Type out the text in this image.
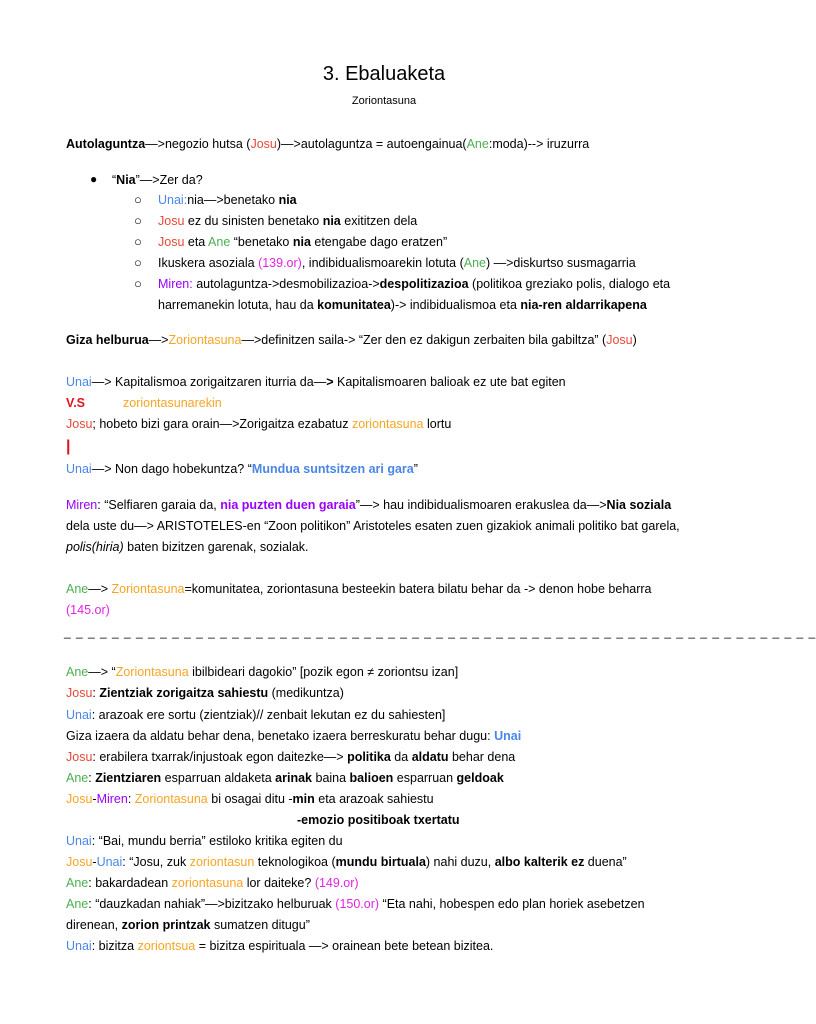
3. Ebaluaketa
Zoriontasuna
Autolaguntza—>negozio hutsa (Josu)—>autolaguntza = autoengainua(Ane:moda)--> iruzurra
● “Nia”—>Zer da?
○ Unai:nia—>benetako nia
○ Josu ez du sinisten benetako nia exititzen dela
○ Josu eta Ane “benetako nia etengabe dago eratzen”
○ Ikuskera asoziala (139.or), indibidualismoarekin lotuta (Ane) —>diskurtso susmagarria
○ Miren: autolaguntza->desmobilizazioa->despolitizazioa (politikoa greziako polis, dialogo eta
harremanekin lotuta, hau da komunitatea)-> indibidualismoa eta nia-ren aldarrikapena
Giza helburua—>Zoriontasuna—>definitzen saila-> “Zer den ez dakigun zerbaiten bila gabiltza” (Josu)
Unai—> Kapitalismoa zorigaitzaren iturria da—> Kapitalismoaren balioak ez ute bat egiten
V.S	zoriontasunarekin
Josu; hobeto bizi gara orain—>Zorigaitza ezabatuz zoriontasuna lortu
|
Unai—> Non dago hobekuntza? “Mundua suntsitzen ari gara”
Miren: “Selfiaren garaia da, nia puzten duen garaia”—> hau indibidualismoaren erakuslea da—>Nia soziala
dela uste du—> ARISTOTELES-en “Zoon politikon” Aristoteles esaten zuen gizakiok animali politiko bat garela,
polis(hiria) baten bizitzen garenak, sozialak.
Ane—> Zoriontasuna=komunitatea, zoriontasuna besteekin batera bilatu behar da -> denon hobe beharra
(145.or)
_ _ _ _ _ _ _ _ _ _ _ _ _ _ _ _ _ _ _ _ _ _ _ _ _ _ _ _ _ _ _ _ _ _ _ _ _ _ _ _ _ _ _ _ _ _ _ _ _ _ _ _ _ _ _ _ _ _ _ _ _ _ _
Ane—> “Zoriontasuna ibilbideari dagokio” [pozik egon ≠ zoriontsu izan]
Josu: Zientziak zorigaitza sahiestu (medikuntza)
Unai: arazoak ere sortu (zientziak)// zenbait lekutan ez du sahiesten]
Giza izaera da aldatu behar dena, benetako izaera berreskuratu behar dugu: Unai
Josu: erabilera txarrak/injustoak egon daitezke—> politika da aldatu behar dena
Ane: Zientziaren esparruan aldaketa arinak baina balioen esparruan geldoak
Josu-Miren: Zoriontasuna bi osagai ditu -min eta arazoak sahiestu
-emozio positiboak txertatu
Unai: “Bai, mundu berria” estiloko kritika egiten du
Josu-Unai: “Josu, zuk zoriontasun teknologikoa (mundu birtuala) nahi duzu, albo kalterik ez duena”
Ane: bakardadean zoriontasuna lor daiteke? (149.or)
Ane: “dauzkadan nahiak”—>bizitzako helburuak (150.or) “Eta nahi, hobespen edo plan horiek asebetzen
direnean, zorion printzak sumatzen ditugu”
Unai: bizitza zoriontsua = bizitza espirituala —> orainean bete betean bizitea.
